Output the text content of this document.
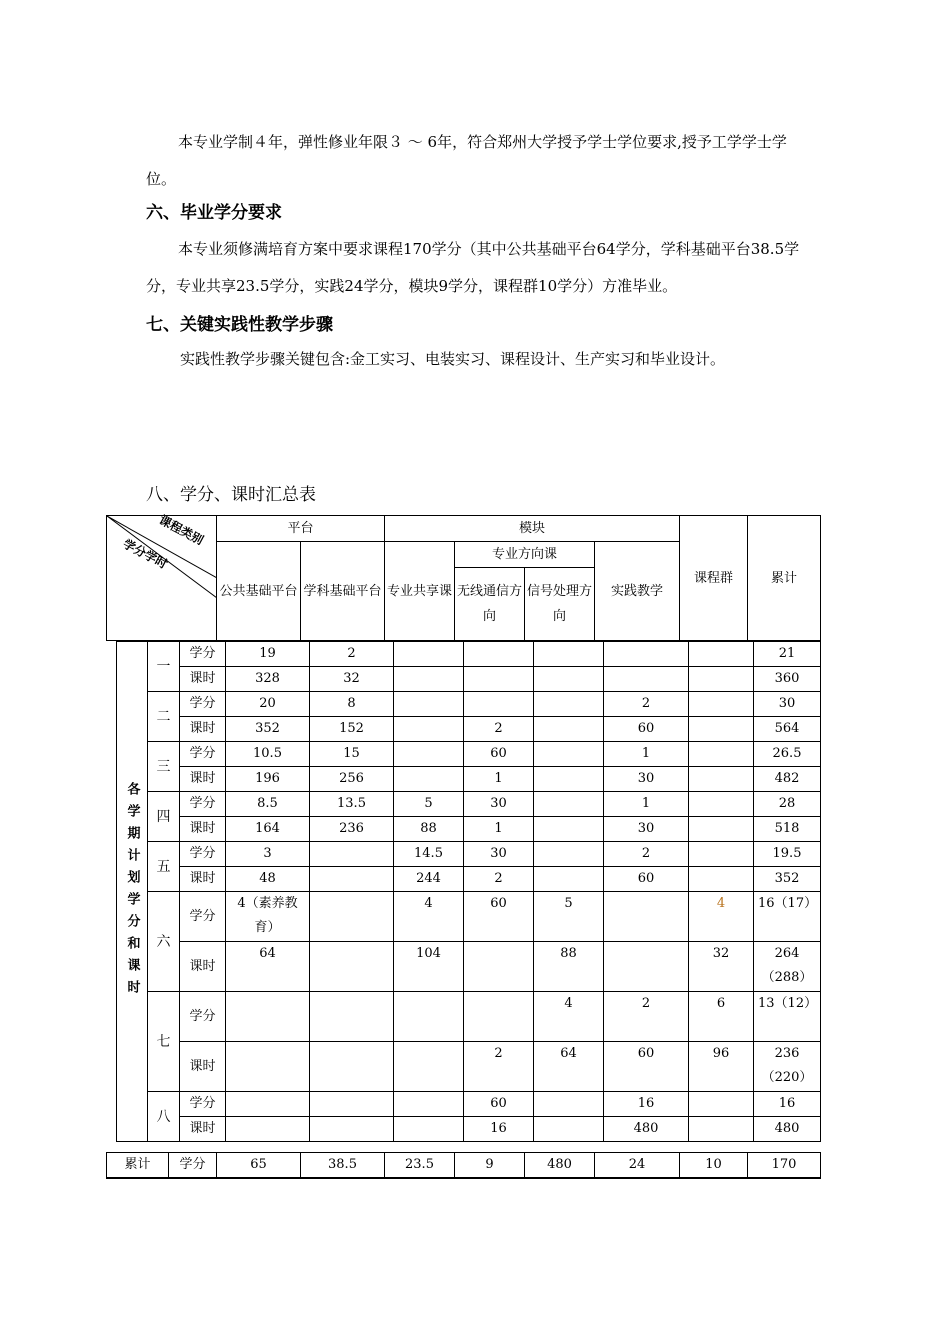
本专业学制４年，弹性修业年限３ ～ 6年，符合郑州大学授予学士学位要求,授予工学学士学位。

六、毕业学分要求

本专业须修满培育方案中要求课程170学分（其中公共基础平台64学分，学科基础平台38.5学分，专业共享23.5学分，实践24学分，模块9学分，课程群10学分）方准毕业。

七、关键实践性教学步骤

实践性教学步骤关键包含:金工实习、电装实习、课程设计、生产实习和毕业设计。

八、学分、课时汇总表
课程类别
学分学时	平台		模块				课程群	累计
	公共基础平台	学科基础平台	专业共享课	专业方向课		实践教学		
				无线通信方向	信号处理方向			
各学期计划学分和课时	一	学分	19	2						21
		课时	328	32						360
	二	学分	20	8				2		30
		课时	352	152		2		60		564
	三	学分	10.5	15		60		1		26.5
		课时	196	256		1		30		482
	四	学分	8.5	13.5	5	30		1		28
		课时	164	236	88	1		30		518
	五	学分	3		14.5	30		2		19.5
		课时	48		244	2		60		352
	六	学分	4（素养教育）		4	60	5		4	16（17）
		课时	64		104		88		32	264（288）
	七	学分					4	2	6	13（12）
		课时				2	64	60	96	236（220）
	八	学分				60		16		16
		课时				16		480		480
累计	学分	65	38.5	23.5	9	480	24	10	170
